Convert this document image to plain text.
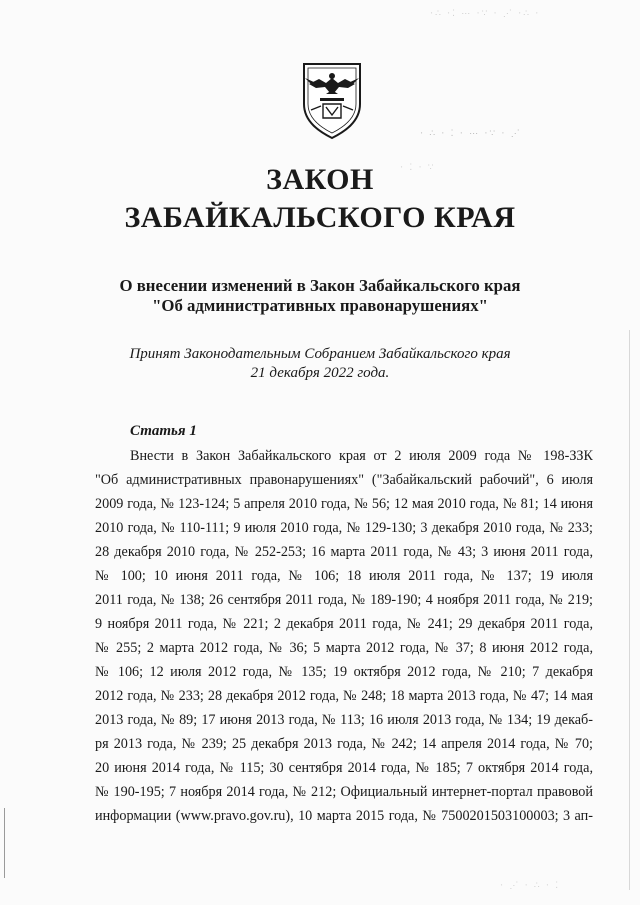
⋅∴ ⋅⁚ ⋯ ⋅∵ ⋅ ⋰ ⋅∴ ⋅
⋅ ∴ ⋅ ⁚ ⋅ ⋯ ⋅∵ ⋅ ⋰
⋅ ⁚ ⋅ ∵
⋅ ⋰ ⋅ ∴ ⋅ ⁚
ЗАКОН
ЗАБАЙКАЛЬСКОГО КРАЯ
О внесении изменений в Закон Забайкальского края
"Об административных правонарушениях"
Принят Законодательным Собранием Забайкальского края
21 декабря 2022 года.
Статья 1
Внести в Закон Забайкальского края от 2 июля 2009 года № 198-ЗЗК
"Об административных правонарушениях" ("Забайкальский рабочий", 6 июля
2009 года, № 123-124; 5 апреля 2010 года, № 56; 12 мая 2010 года, № 81; 14 июня
2010 года, № 110-111; 9 июля 2010 года, № 129-130; 3 декабря 2010 года, № 233;
28 декабря 2010 года, № 252-253; 16 марта 2011 года, № 43; 3 июня 2011 года,
№ 100; 10 июня 2011 года, № 106; 18 июля 2011 года, № 137; 19 июля
2011 года, № 138; 26 сентября 2011 года, № 189-190; 4 ноября 2011 года, № 219;
9 ноября 2011 года, № 221; 2 декабря 2011 года, № 241; 29 декабря 2011 года,
№ 255; 2 марта 2012 года, № 36; 5 марта 2012 года, № 37; 8 июня 2012 года,
№ 106; 12 июля 2012 года, № 135; 19 октября 2012 года, № 210; 7 декабря
2012 года, № 233; 28 декабря 2012 года, № 248; 18 марта 2013 года, № 47; 14 мая
2013 года, № 89; 17 июня 2013 года, № 113; 16 июля 2013 года, № 134; 19 декаб-
ря 2013 года, № 239; 25 декабря 2013 года, № 242; 14 апреля 2014 года, № 70;
20 июня 2014 года, № 115; 30 сентября 2014 года, № 185; 7 октября 2014 года,
№ 190-195; 7 ноября 2014 года, № 212; Официальный интернет-портал правовой
информации (www.pravo.gov.ru), 10 марта 2015 года, № 7500201503100003; 3 ап-
